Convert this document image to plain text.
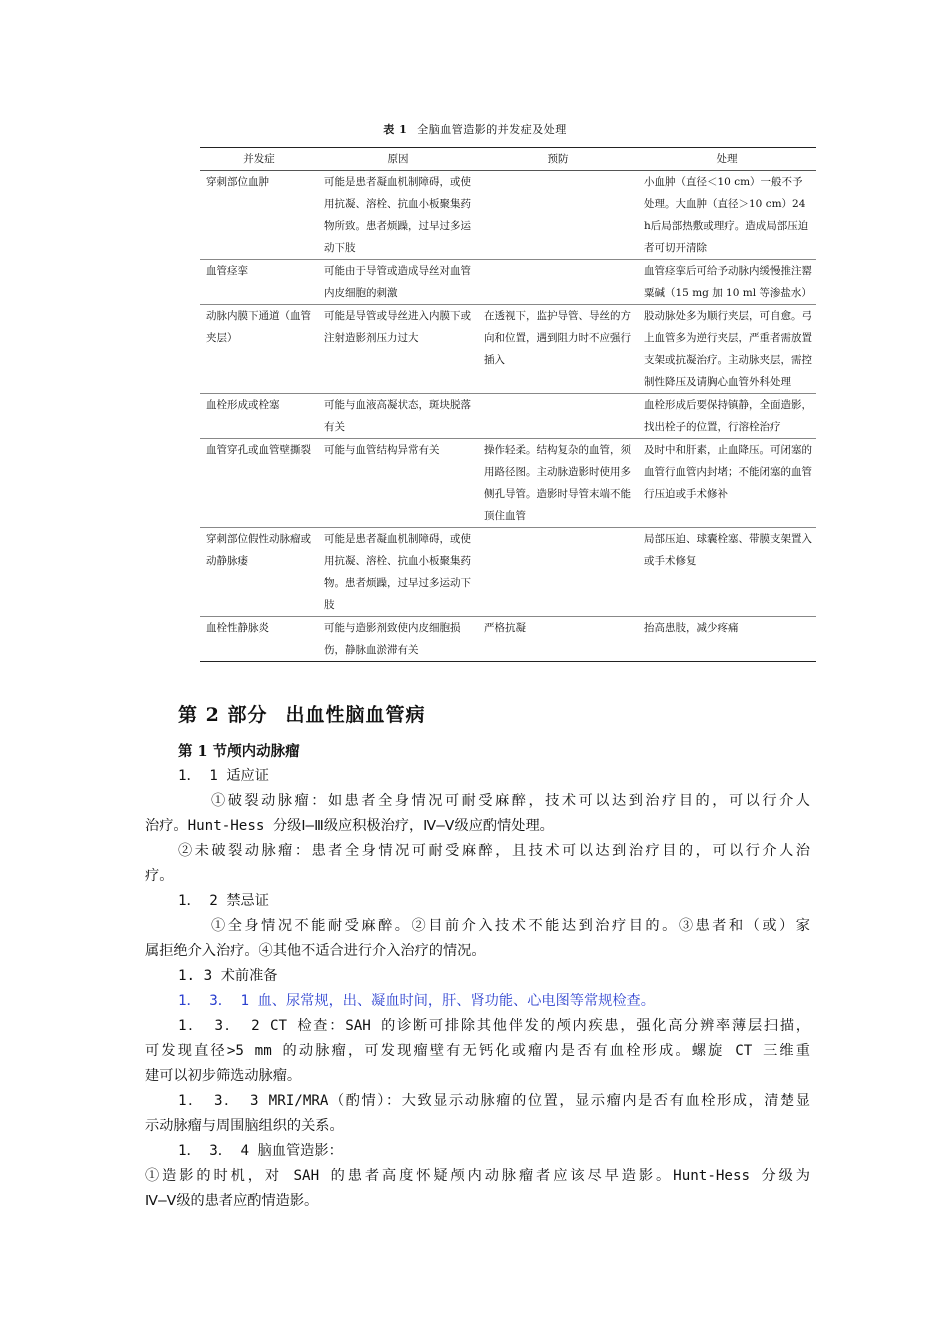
表 1 全脑血管造影的并发症及处理
并发症	原因	预防	处理
穿刺部位血肿	可能是患者凝血机制障碍，或使用抗凝、溶栓、抗血小板聚集药物所致。患者烦躁，过早过多运动下肢		小血肿（直径＜10 cm）一般不予处理。大血肿（直径＞10 cm）24 h后局部热敷或理疗。造成局部压迫者可切开清除
血管痉挛	可能由于导管或造成导丝对血管内皮细胞的刺激		血管痉挛后可给予动脉内缓慢推注罂粟碱（15 mg 加 10 ml 等渗盐水）
动脉内膜下通道（血管夹层）	可能是导管或导丝进入内膜下或注射造影剂压力过大	在透视下，监护导管、导丝的方向和位置，遇到阻力时不应强行插入	股动脉处多为顺行夹层，可自愈。弓上血管多为逆行夹层，严重者需放置支架或抗凝治疗。主动脉夹层，需控制性降压及请胸心血管外科处理
血栓形成或栓塞	可能与血液高凝状态，斑块脱落有关		血栓形成后要保持镇静，全面造影，找出栓子的位置，行溶栓治疗
血管穿孔或血管壁撕裂	可能与血管结构异常有关	操作轻柔。结构复杂的血管，须用路径图。主动脉造影时使用多侧孔导管。造影时导管末端不能顶住血管	及时中和肝素，止血降压。可闭塞的血管行血管内封堵；不能闭塞的血管行压迫或手术修补
穿刺部位假性动脉瘤或动静脉瘘	可能是患者凝血机制障碍，或使用抗凝、溶栓、抗血小板聚集药物。患者烦躁，过早过多运动下肢		局部压迫、球囊栓塞、带膜支架置入或手术修复
血栓性静脉炎	可能与造影剂致使内皮细胞损伤，静脉血淤滞有关	严格抗凝	抬高患肢，减少疼痛
第 2 部分 出血性脑血管病
第 1 节颅内动脉瘤
1． 1 适应证
①破裂动脉瘤：如患者全身情况可耐受麻醉，技术可以达到治疗目的，可以行介人
治疗。Hunt-Hess 分级Ⅰ—Ⅲ级应积极治疗，Ⅳ—Ⅴ级应酌情处理。
②未破裂动脉瘤：患者全身情况可耐受麻醉，且技术可以达到治疗目的，可以行介人治
疗。
1． 2 禁忌证
①全身情况不能耐受麻醉。②目前介入技术不能达到治疗目的。③患者和（或）家
属拒绝介入治疗。④其他不适合进行介入治疗的情况。
1. 3 术前准备
1． 3． 1 血、尿常规，出、凝血时间，肝、肾功能、心电图等常规检查。
1． 3． 2 CT 检查：SAH 的诊断可排除其他伴发的颅内疾患，强化高分辨率薄层扫描，
可发现直径>5 mm 的动脉瘤，可发现瘤壁有无钙化或瘤内是否有血栓形成。螺旋 CT 三维重
建可以初步筛选动脉瘤。
1． 3． 3 MRI/MRA（酌情）：大致显示动脉瘤的位置，显示瘤内是否有血栓形成，清楚显
示动脉瘤与周围脑组织的关系。
1． 3． 4 脑血管造影：
①造影的时机，对 SAH 的患者高度怀疑颅内动脉瘤者应该尽早造影。Hunt-Hess 分级为
Ⅳ—Ⅴ级的患者应酌情造影。
